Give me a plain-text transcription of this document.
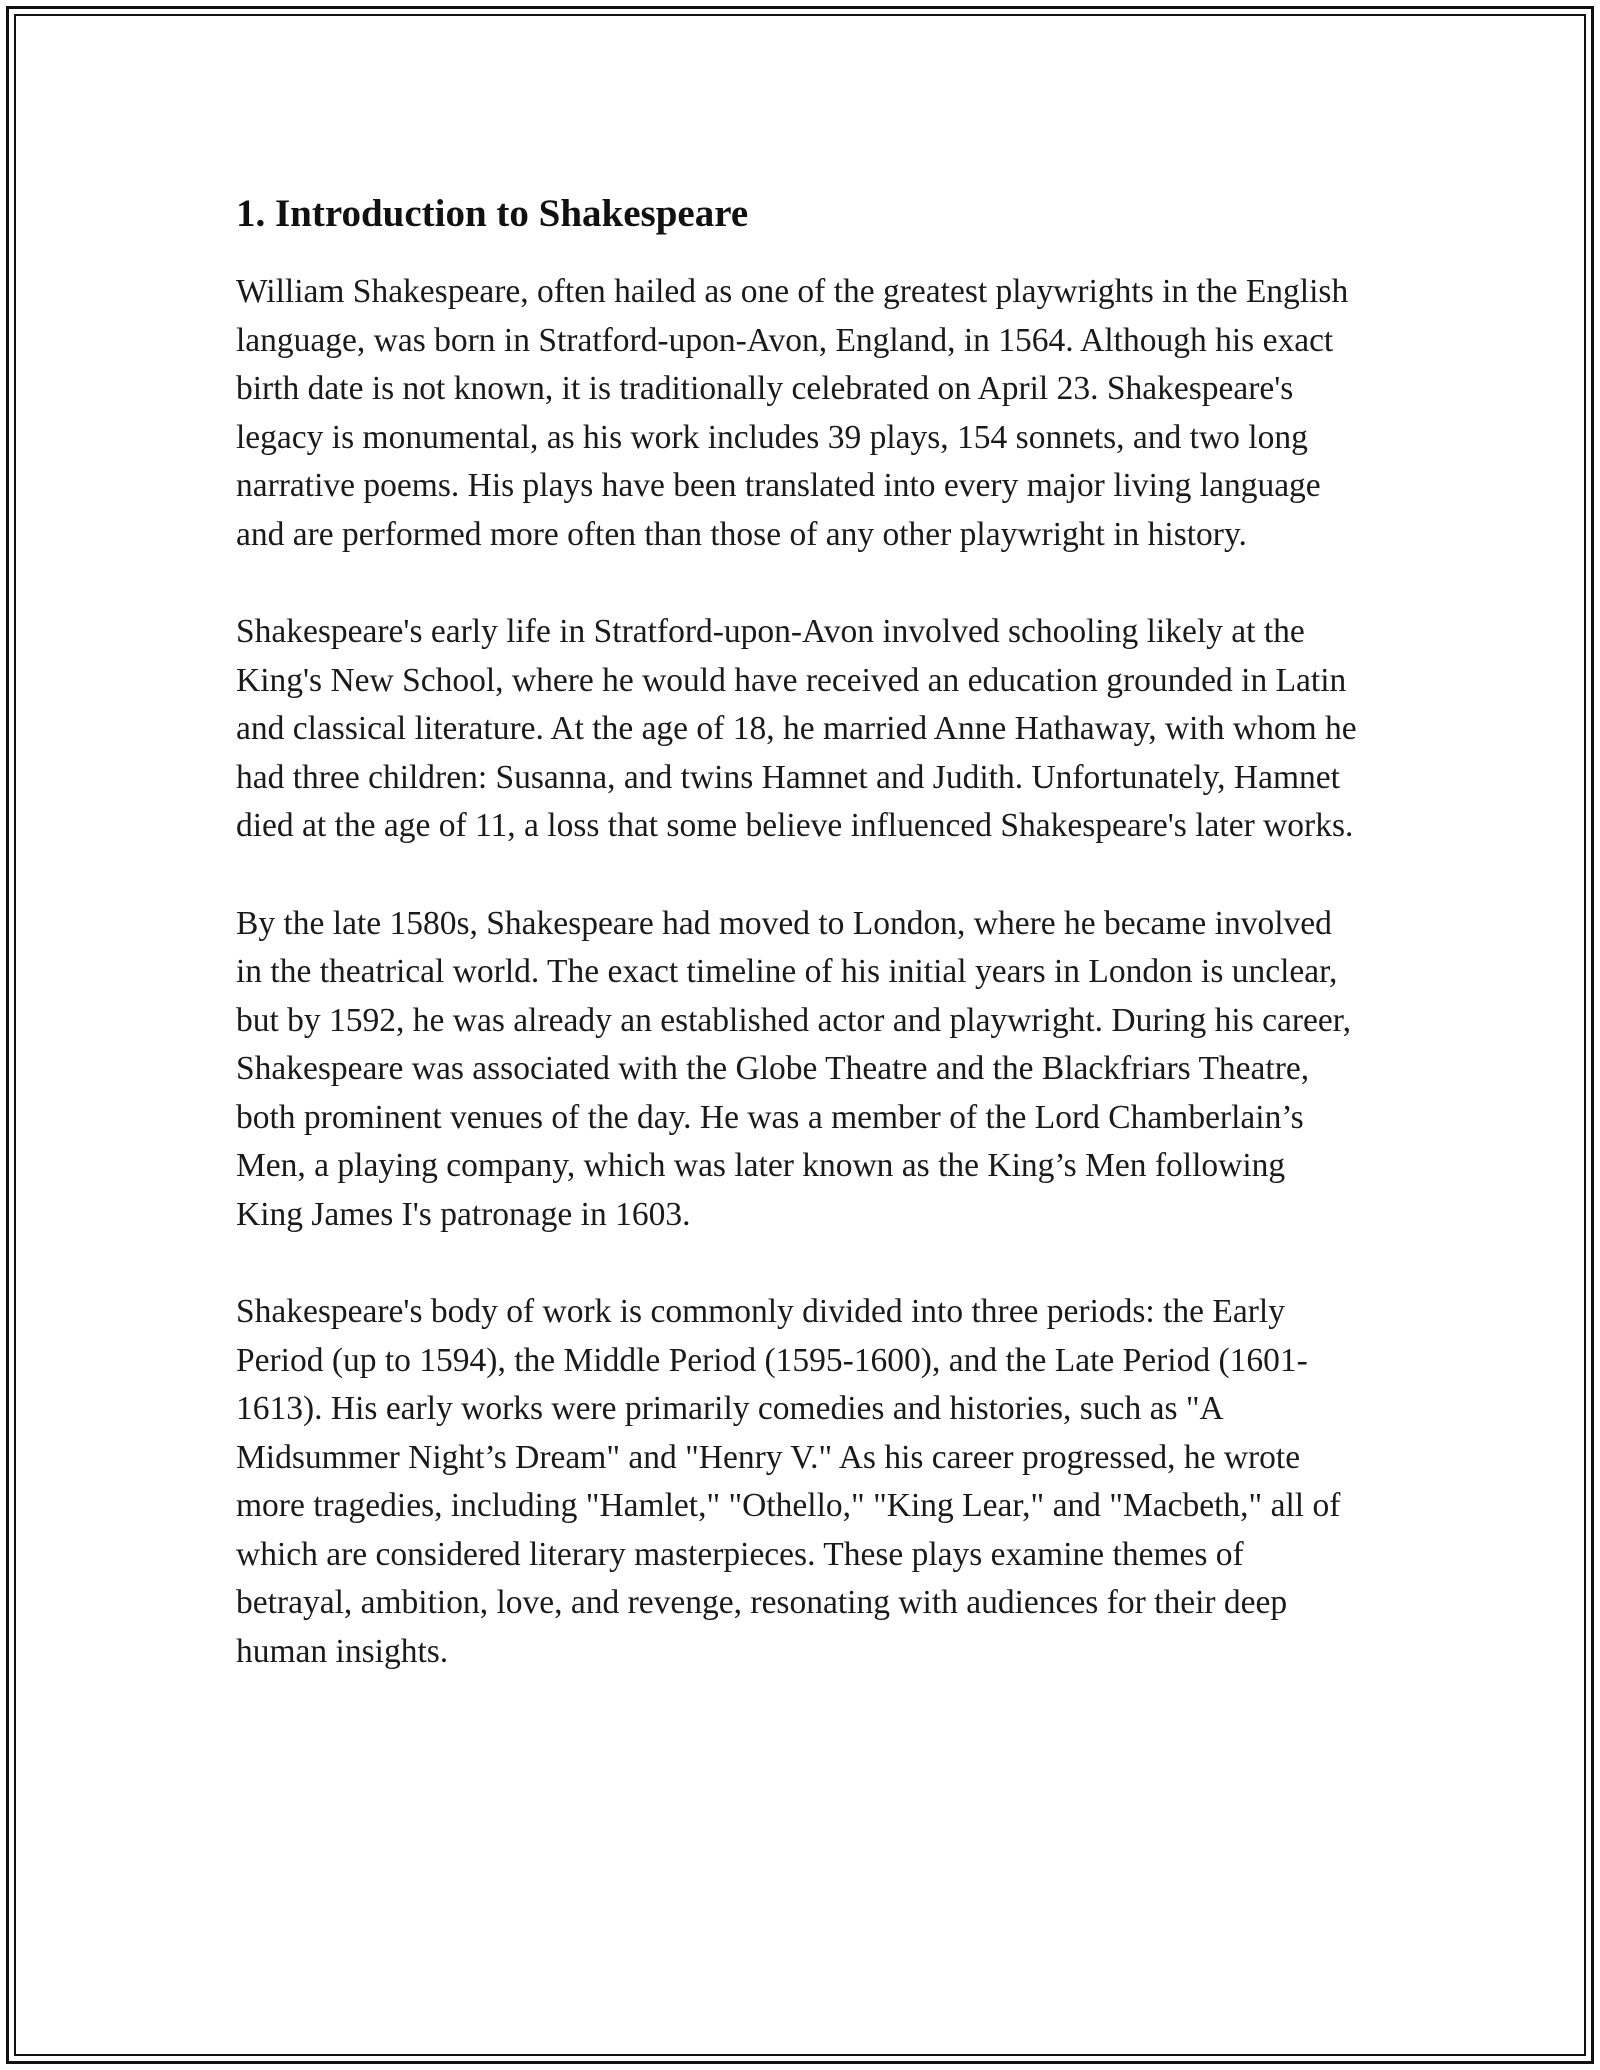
1. Introduction to Shakespeare

William Shakespeare, often hailed as one of the greatest playwrights in the English language, was born in Stratford-upon-Avon, England, in 1564. Although his exact birth date is not known, it is traditionally celebrated on April 23. Shakespeare's legacy is monumental, as his work includes 39 plays, 154 sonnets, and two long narrative poems. His plays have been translated into every major living language and are performed more often than those of any other playwright in history.

Shakespeare's early life in Stratford-upon-Avon involved schooling likely at the King's New School, where he would have received an education grounded in Latin and classical literature. At the age of 18, he married Anne Hathaway, with whom he had three children: Susanna, and twins Hamnet and Judith. Unfortunately, Hamnet died at the age of 11, a loss that some believe influenced Shakespeare's later works.

By the late 1580s, Shakespeare had moved to London, where he became involved in the theatrical world. The exact timeline of his initial years in London is unclear, but by 1592, he was already an established actor and playwright. During his career, Shakespeare was associated with the Globe Theatre and the Blackfriars Theatre, both prominent venues of the day. He was a member of the Lord Chamberlain’s Men, a playing company, which was later known as the King’s Men following King James I's patronage in 1603.

Shakespeare's body of work is commonly divided into three periods: the Early Period (up to 1594), the Middle Period (1595-1600), and the Late Period (1601-1613). His early works were primarily comedies and histories, such as "A Midsummer Night’s Dream" and "Henry V." As his career progressed, he wrote more tragedies, including "Hamlet," "Othello," "King Lear," and "Macbeth," all of which are considered literary masterpieces. These plays examine themes of betrayal, ambition, love, and revenge, resonating with audiences for their deep human insights.
